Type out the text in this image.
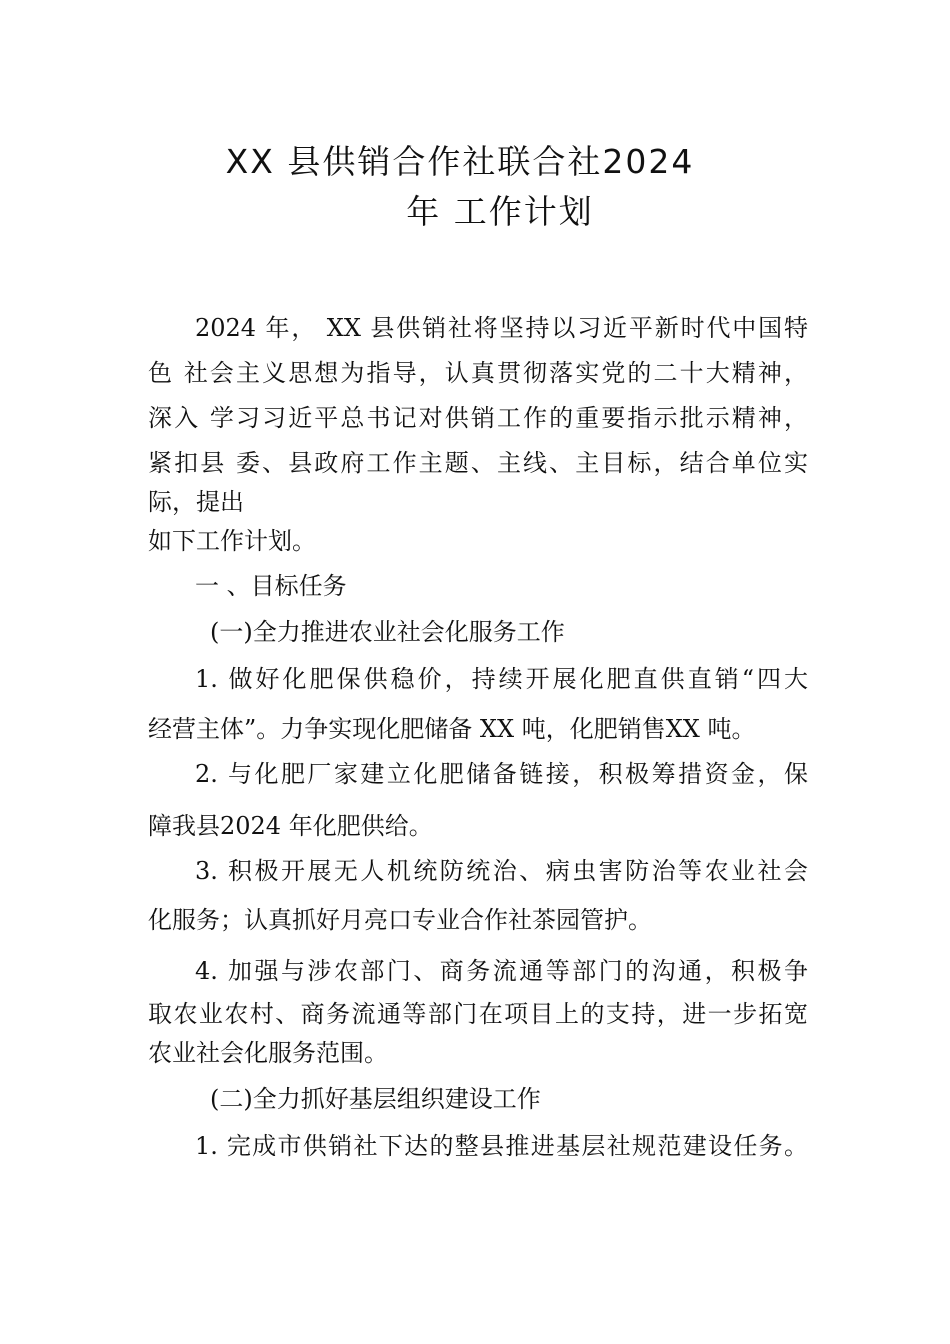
XX 县供销合作社联合社2024
年 工作计划
2024 年， XX 县供销社将坚持以习近平新时代中国特
色 社会主义思想为指导，认真贯彻落实党的二十大精神，
深入 学习习近平总书记对供销工作的重要指示批示精神，
紧扣县 委、县政府工作主题、主线、主目标，结合单位实
际，提出
如下工作计划。
一 、目标任务
(一)全力推进农业社会化服务工作
1. 做好化肥保供稳价，持续开展化肥直供直销“四大
经营主体”。力争实现化肥储备 XX 吨，化肥销售XX 吨。
2. 与化肥厂家建立化肥储备链接，积极筹措资金，保
障我县2024 年化肥供给。
3. 积极开展无人机统防统治、病虫害防治等农业社会
化服务；认真抓好月亮口专业合作社茶园管护。
4. 加强与涉农部门、商务流通等部门的沟通，积极争
取农业农村、商务流通等部门在项目上的支持，进一步拓宽
农业社会化服务范围。
(二)全力抓好基层组织建设工作
1. 完成市供销社下达的整县推进基层社规范建设任务。
